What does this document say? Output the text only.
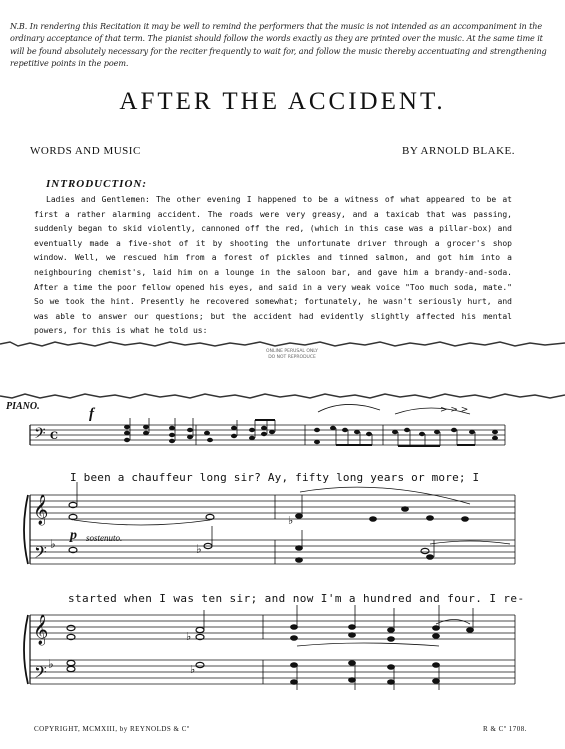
N.B. In rendering this Recitation it may be well to remind the performers that the music is not intended as an accompaniment in the ordinary acceptance of that term. The pianist should follow the words exactly as they are printed over the music. At the same time it will be found absolutely necessary for the reciter frequently to wait for, and follow the music thereby accentuating and strengthening repetitive points in the poem.

AFTER THE ACCIDENT.
WORDS AND MUSIC	BY ARNOLD BLAKE.
INTRODUCTION:

Ladies and Gentlemen: The other evening I happened to be a witness of what appeared to be at first a rather alarming accident. The roads were very greasy, and a taxicab that was passing, suddenly began to skid violently, cannoned off the red, (which in this case was a pillar-box) and eventually made a five-shot of it by shooting the unfortunate driver through a grocer's shop window. Well, we rescued him from a forest of pickles and tinned salmon, and got him into a neighbouring chemist's, laid him on a lounge in the saloon bar, and gave him a brandy-and-soda. After a time the poor fellow opened his eyes, and said in a very weak voice "Too much soda, mate." So we took the hint. Presently he recovered somewhat; fortunately, he wasn't seriously hurt, and was able to answer our questions; but the accident had evidently slightly affected his mental powers, for this is what he told us:

ONLINE PERUSAL ONLY
DO NOT REPRODUCE
𝄢 C
f	> > >
𝄞
𝄢 ♭
p
♭
♭
𝄞
𝄢 ♭
♭
♭
PIANO.
sostenuto.
I been a chauffeur long sir? Ay, fifty long years or more; I
started when I was ten sir; and now I'm a hundred and four. I re-
COPYRIGHT, MCMXIII, by REYNOLDS & Cº	R & Cº 1708.
